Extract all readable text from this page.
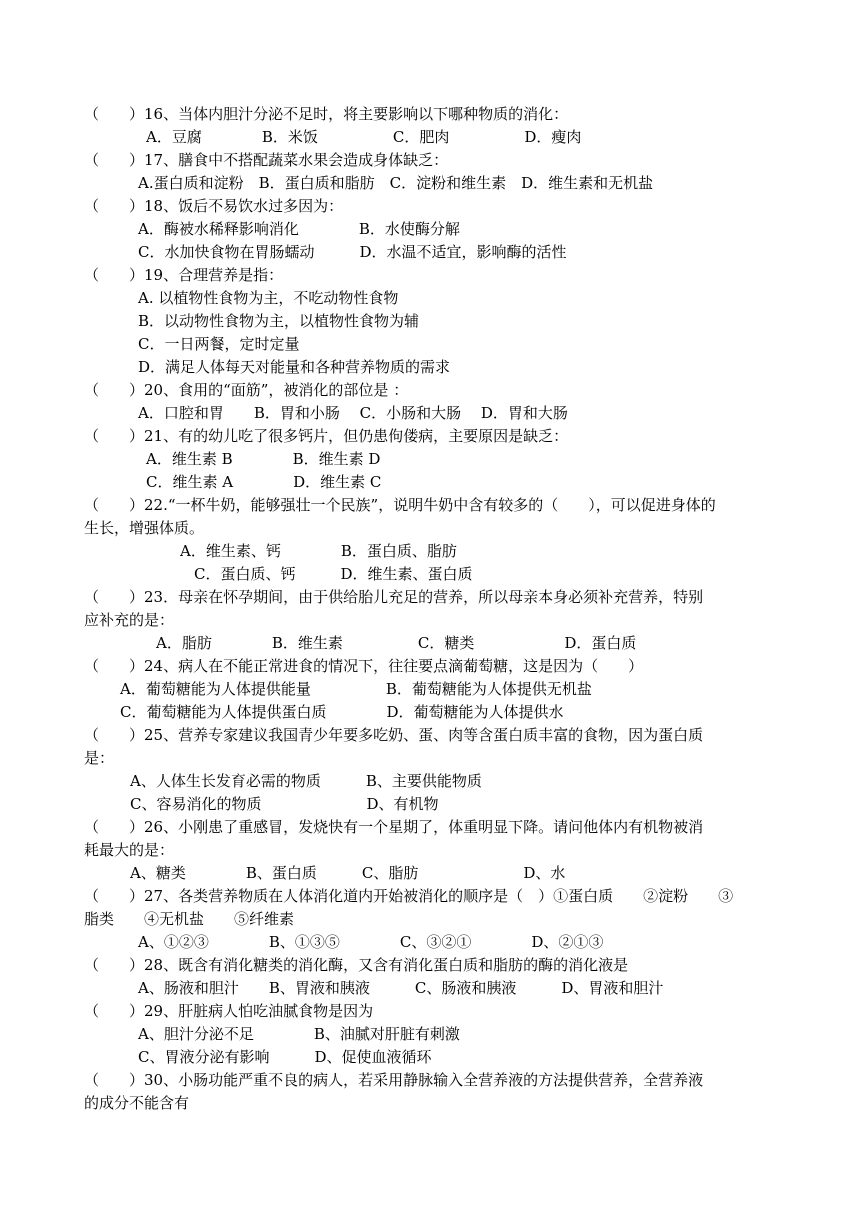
（　　）16、当体内胆汁分泌不足时，将主要影响以下哪种物质的消化：
A．豆腐　　　　B．米饭　　　　　C．肥肉　　　　　D．瘦肉
（　　）17、膳食中不搭配蔬菜水果会造成身体缺乏：
A.蛋白质和淀粉　B．蛋白质和脂肪　C．淀粉和维生素　D．维生素和无机盐
（　　）18、饭后不易饮水过多因为：
A．酶被水稀释影响消化　　　　B．水使酶分解
C．水加快食物在胃肠蠕动　　　D．水温不适宜，影响酶的活性
（　　）19、合理营养是指：
A. 以植物性食物为主，不吃动物性食物
B．以动物性食物为主，以植物性食物为辅
C．一日两餐，定时定量
D．满足人体每天对能量和各种营养物质的需求
（　　）20、食用的“面筋”，被消化的部位是 ：
A．口腔和胃　　B．胃和小肠　 C．小肠和大肠　 D．胃和大肠
（　　）21、有的幼儿吃了很多钙片，但仍患佝偻病，主要原因是缺乏：
A．维生素 B　　　　B．维生素 D
C．维生素 A　　　　D．维生素 C
（　　）22.“一杯牛奶，能够强壮一个民族”，说明牛奶中含有较多的（　　），可以促进身体的
生长，增强体质。
A．维生素、钙　　　　B．蛋白质、脂肪
C．蛋白质、钙　　　D．维生素、蛋白质
（　　）23．母亲在怀孕期间，由于供给胎儿充足的营养，所以母亲本身必须补充营养，特别
应补充的是：
A．脂肪　　　　B．维生素　　　　　C．糖类　　　　　　D．蛋白质
（　　）24、病人在不能正常进食的情况下，往往要点滴葡萄糖，这是因为（　　）
A．葡萄糖能为人体提供能量　　　　　B．葡萄糖能为人体提供无机盐
C．葡萄糖能为人体提供蛋白质　　　　D．葡萄糖能为人体提供水
（　　）25、营养专家建议我国青少年要多吃奶、蛋、肉等含蛋白质丰富的食物，因为蛋白质
是：
A、人体生长发育必需的物质　　　B、主要供能物质
C、容易消化的物质　　　　　　　D、有机物
（　　）26、小刚患了重感冒，发烧快有一个星期了，体重明显下降。请问他体内有机物被消
耗最大的是：
A、糖类　　　　B、蛋白质　　　C、脂肪　　　　　　　D、水
（　　）27、各类营养物质在人体消化道内开始被消化的顺序是（　）①蛋白质　　②淀粉　　③
脂类　　④无机盐　　⑤纤维素
A、①②③　　　　B、①③⑤　　　　C、③②①　　　　D、②①③
（　　）28、既含有消化糖类的消化酶，又含有消化蛋白质和脂肪的酶的消化液是
A、肠液和胆汁　　B、胃液和胰液　　　C、肠液和胰液　　　D、胃液和胆汁
（　　）29、肝脏病人怕吃油腻食物是因为
A、胆汁分泌不足　　　　B、油腻对肝脏有刺激
C、胃液分泌有影响　　　D、促使血液循环
（　　）30、小肠功能严重不良的病人，若采用静脉输入全营养液的方法提供营养，全营养液
的成分不能含有
